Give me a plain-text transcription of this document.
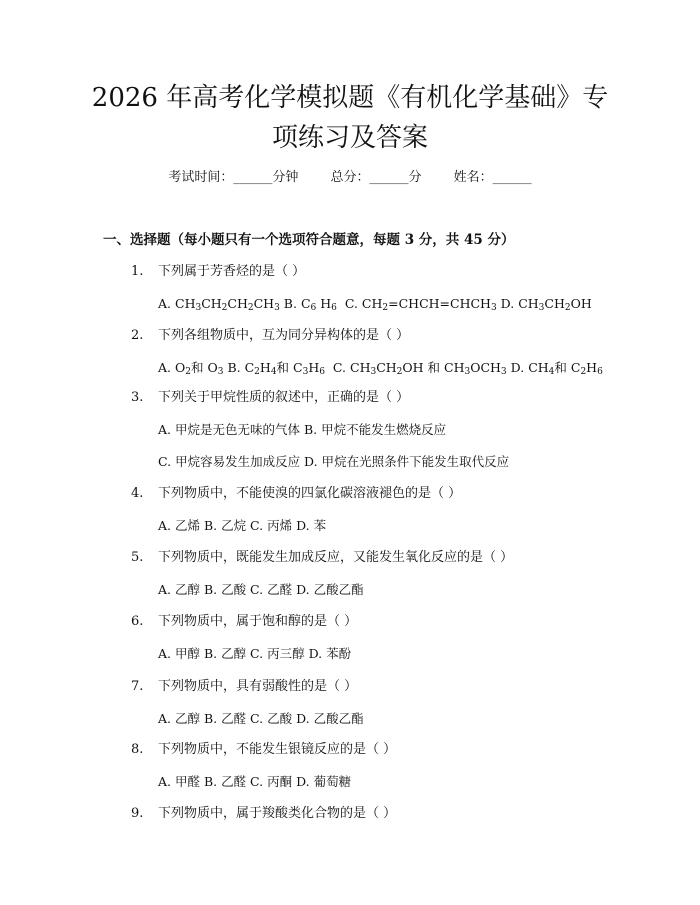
2026 年高考化学模拟题《有机化学基础》专
项练习及答案
考试时间：______分钟 总分：______分 姓名：______
一、选择题（每小题只有一个选项符合题意，每题 3 分，共 45 分）
1. 下列属于芳香烃的是（ ）
A. $CH_3CH_2CH_2CH_3$ B. $C_6$ $H_6$ C. $CH_2=CHCH=CHCH_3$ D. $CH_3CH_2OH$
2. 下列各组物质中，互为同分异构体的是（ ）
A. $O_2$和 $O_3$ B. $C_2H_4$和 $C_3H_6$ C. $CH_3CH_2OH$ 和 $CH_3OCH_3$ D. $CH_4$和 $C_2H_6$
3. 下列关于甲烷性质的叙述中，正确的是（ ）
A. 甲烷是无色无味的气体 B. 甲烷不能发生燃烧反应
C. 甲烷容易发生加成反应 D. 甲烷在光照条件下能发生取代反应
4. 下列物质中，不能使溴的四氯化碳溶液褪色的是（ ）
A. 乙烯 B. 乙烷 C. 丙烯 D. 苯
5. 下列物质中，既能发生加成反应，又能发生氧化反应的是（ ）
A. 乙醇 B. 乙酸 C. 乙醛 D. 乙酸乙酯
6. 下列物质中，属于饱和醇的是（ ）
A. 甲醇 B. 乙醇 C. 丙三醇 D. 苯酚
7. 下列物质中，具有弱酸性的是（ ）
A. 乙醇 B. 乙醛 C. 乙酸 D. 乙酸乙酯
8. 下列物质中，不能发生银镜反应的是（ ）
A. 甲醛 B. 乙醛 C. 丙酮 D. 葡萄糖
9. 下列物质中，属于羧酸类化合物的是（ ）
